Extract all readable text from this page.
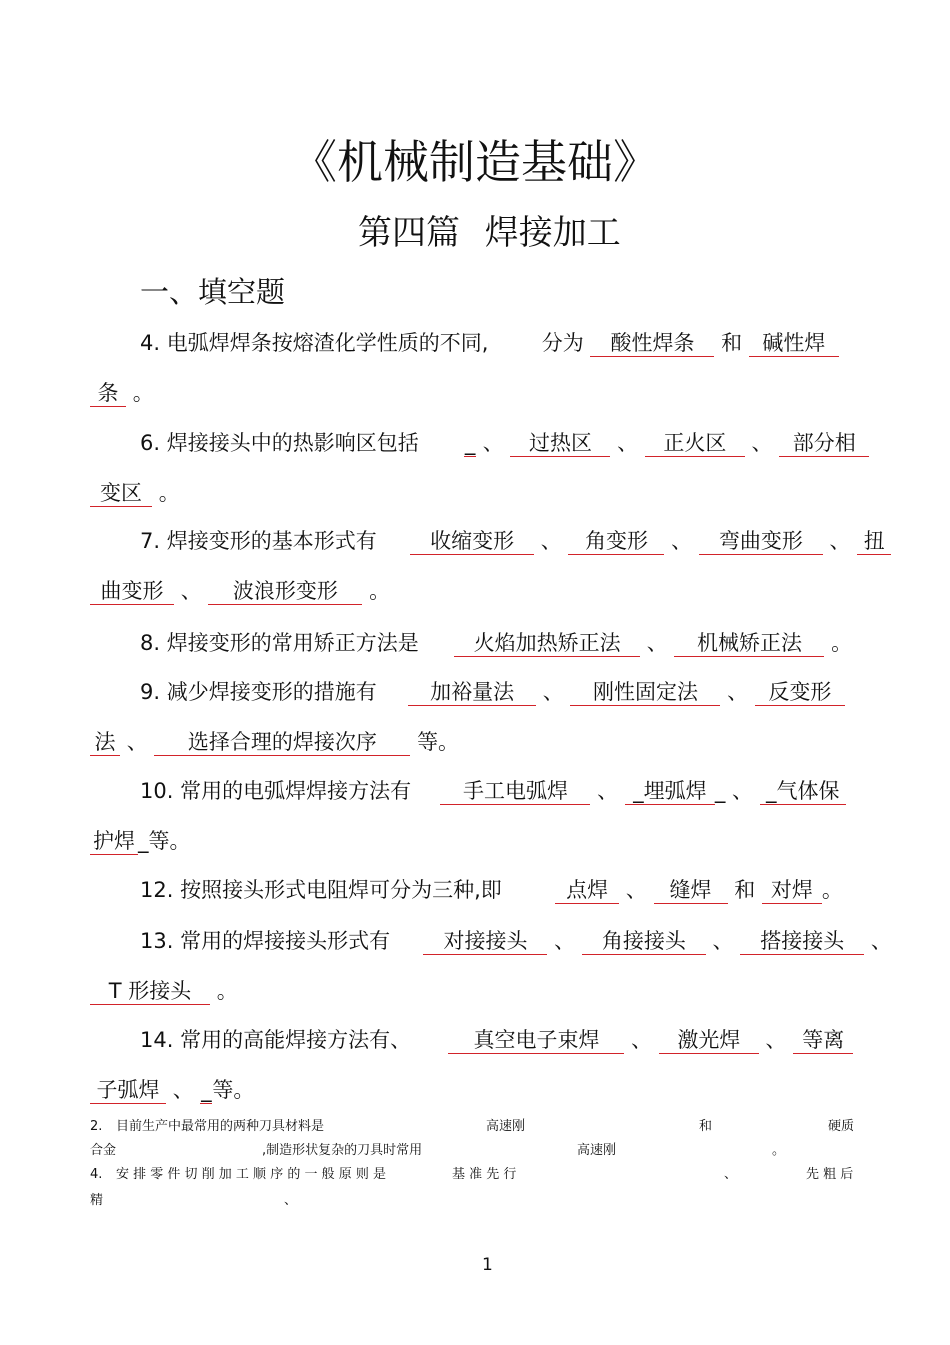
《机械制造基础》
第四篇 焊接加工
一、填空题
4. 电弧焊焊条按熔渣化学性质的不同,	分为 酸性焊条 和 碱性焊
条 。
6. 焊接接头中的热影响区包括 _ 、 过热区 、 正火区 、 部分相
变区 。
7. 焊接变形的基本形式有	收缩变形 、 角变形 、 弯曲变形 、 扭
曲变形 、 波浪形变形 。
8. 焊接变形的常用矫正方法是	火焰加热矫正法 、 机械矫正法 。
9. 减少焊接变形的措施有	加裕量法 、 刚性固定法 、 反变形
法 、 选择合理的焊接次序 等。
10. 常用的电弧焊焊接方法有 手工电弧焊 、 _埋弧焊 _ 、 _气体保
护焊 _等。
12. 按照接头形式电阻焊可分为三种,即	点焊 、 缝焊 和 对焊 。
13. 常用的焊接接头形式有	对接接头 、 角接接头 、 搭接接头 、
T 形接头 。
14. 常用的高能焊接方法有、	真空电子束焊 、 激光焊 、 等离
子弧焊 、 _等。
2. 目前生产中最常用的两种刀具材料是	高速刚	和	硬质
合金	,制造形状复杂的刀具时常用	高速刚	。
4. 安 排 零 件 切 削 加 工 顺 序 的 一 般 原 则 是	基 准 先 行	、	先 粗 后
精	、
1
